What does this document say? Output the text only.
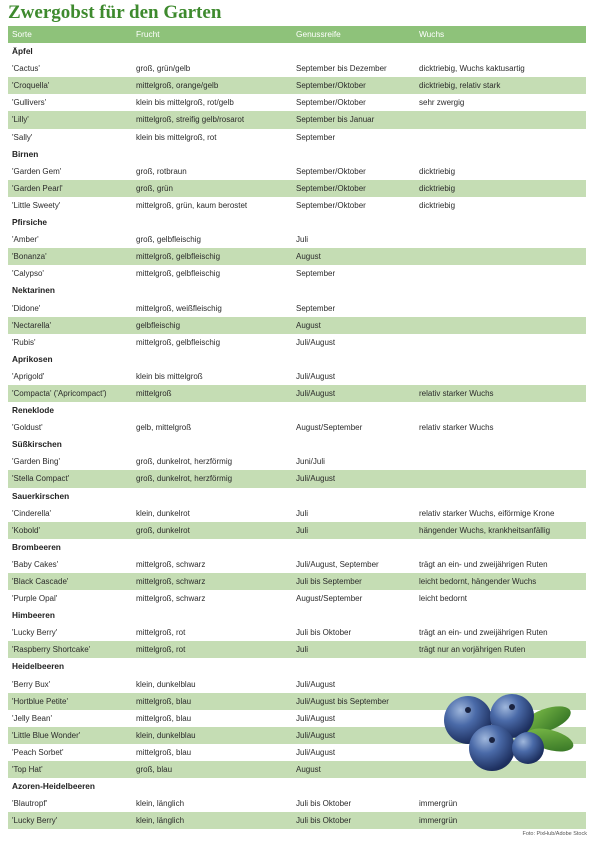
Zwergobst für den Garten
Sorte	Frucht	Genussreife	Wuchs
Äpfel
'Cactus'	groß, grün/gelb	September bis Dezember	dicktriebig, Wuchs kaktusartig
'Croquella'	mittelgroß, orange/gelb	September/Oktober	dicktriebig, relativ stark
'Gullivers'	klein bis mittelgroß, rot/gelb	September/Oktober	sehr zwergig
'Lilly'	mittelgroß, streifig gelb/rosarot	September bis Januar
'Sally'	klein bis mittelgroß, rot	September
Birnen
'Garden Gem'	groß, rotbraun	September/Oktober	dicktriebig
'Garden Pearl'	groß, grün	September/Oktober	dicktriebig
'Little Sweety'	mittelgroß, grün, kaum berostet	September/Oktober	dicktriebig
Pfirsiche
'Amber'	groß, gelbfleischig	Juli
'Bonanza'	mittelgroß, gelbfleischig	August
'Calypso'	mittelgroß, gelbfleischig	September
Nektarinen
'Didone'	mittelgroß, weißfleischig	September
'Nectarella'	gelbfleischig	August
'Rubis'	mittelgroß, gelbfleischig	Juli/August
Aprikosen
'Aprigold'	klein bis mittelgroß	Juli/August
'Compacta' ('Apricompact')	mittelgroß	Juli/August	relativ starker Wuchs
Reneklode
'Goldust'	gelb, mittelgroß	August/September	relativ starker Wuchs
Süßkirschen
'Garden Bing'	groß, dunkelrot, herzförmig	Juni/Juli
'Stella Compact'	groß, dunkelrot, herzförmig	Juli/August
Sauerkirschen
'Cinderella'	klein, dunkelrot	Juli	relativ starker Wuchs, eiförmige Krone
'Kobold'	groß, dunkelrot	Juli	hängender Wuchs, krankheitsanfällig
Brombeeren
'Baby Cakes'	mittelgroß, schwarz	Juli/August, September	trägt an ein- und zweijährigen Ruten
'Black Cascade'	mittelgroß, schwarz	Juli bis September	leicht bedornt, hängender Wuchs
'Purple Opal'	mittelgroß, schwarz	August/September	leicht bedornt
Himbeeren
'Lucky Berry'	mittelgroß, rot	Juli bis Oktober	trägt an ein- und zweijährigen Ruten
'Raspberry Shortcake'	mittelgroß, rot	Juli	trägt nur an vorjährigen Ruten
Heidelbeeren
'Berry Bux'	klein, dunkelblau	Juli/August
'Hortblue Petite'	mittelgroß, blau	Juli/August bis September
'Jelly Bean'	mittelgroß, blau	Juli/August
'Little Blue Wonder'	klein, dunkelblau	Juli/August
'Peach Sorbet'	mittelgroß, blau	Juli/August
'Top Hat'	groß, blau	August
Azoren-Heidelbeeren
'Blautropf'	klein, länglich	Juli bis Oktober	immergrün
'Lucky Berry'	klein, länglich	Juli bis Oktober	immergrün
Foto: PixHub/Adobe Stock
